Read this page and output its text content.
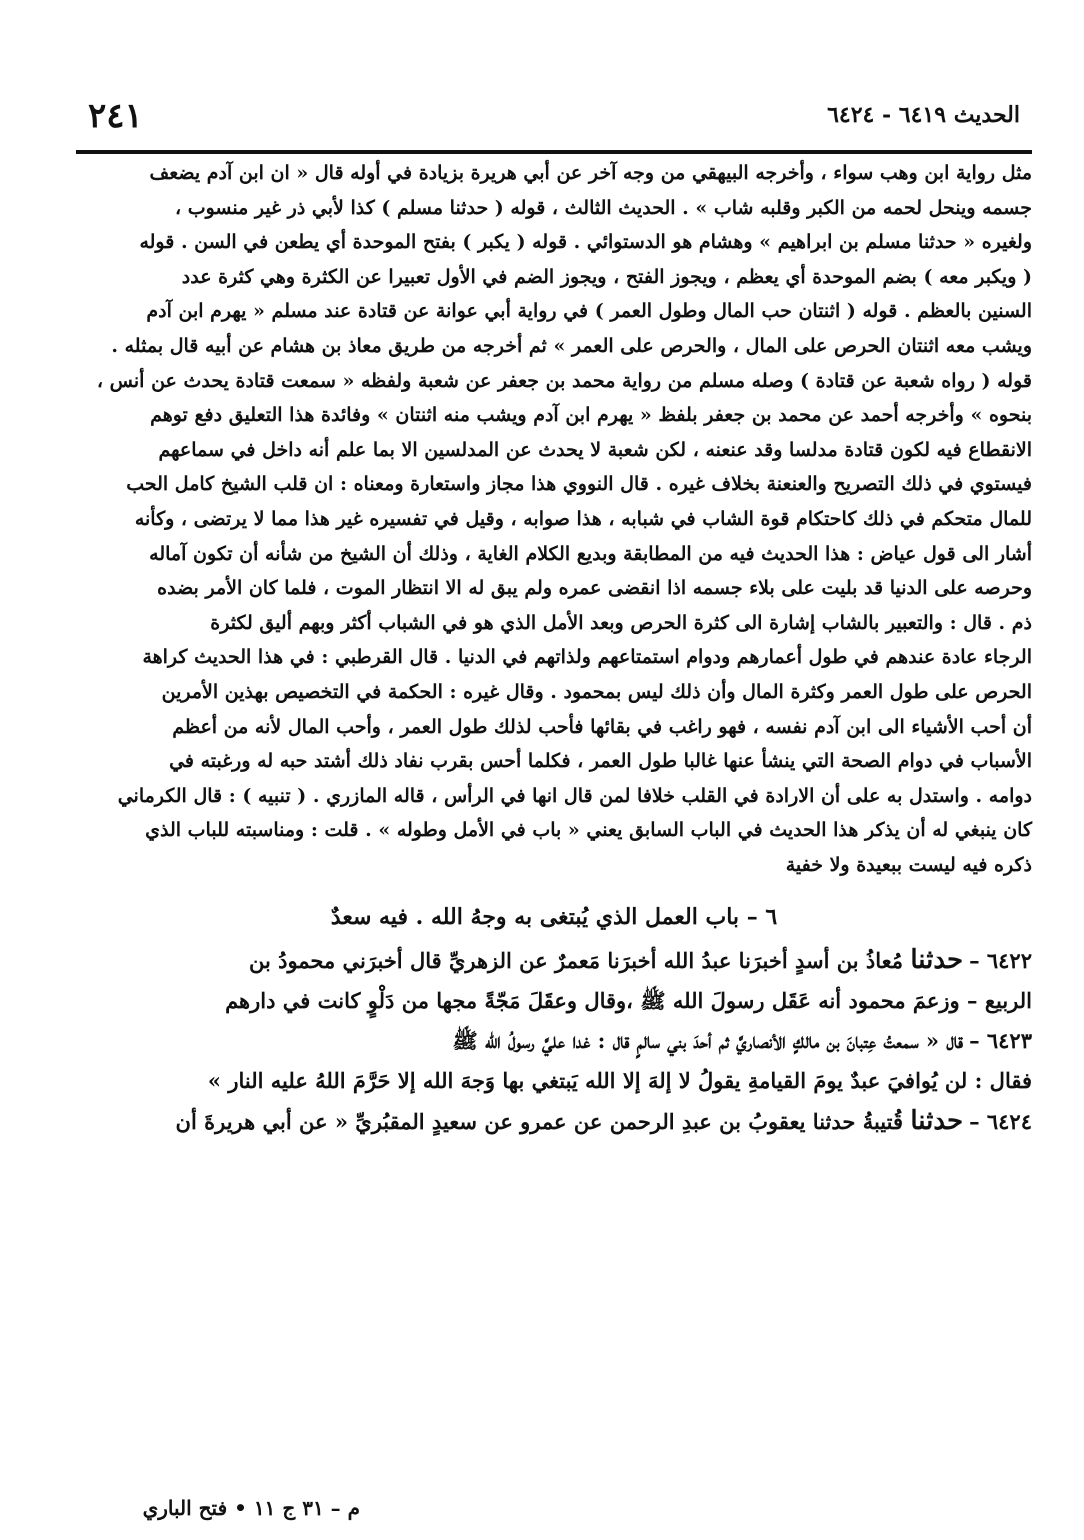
الحديث ٦٤١٩ - ٦٤٢٤
٢٤١

مثل رواية ابن وهب سواء ، وأخرجه البيهقي من وجه آخر عن أبي هريرة بزيادة في أوله قال « ان ابن آدم يضعف

جسمه وينحل لحمه من الكبر وقلبه شاب » . الحديث الثالث ، قوله ( حدثنا مسلم ) كذا لأبي ذر غير منسوب ،

ولغيره « حدثنا مسلم بن ابراهيم » وهشام هو الدستوائي . قوله ( يكبر ) بفتح الموحدة أي يطعن في السن . قوله

( ويكبر معه ) بضم الموحدة أي يعظم ، ويجوز الفتح ، ويجوز الضم في الأول تعبيرا عن الكثرة وهي كثرة عدد

السنين بالعظم . قوله ( اثنتان حب المال وطول العمر ) في رواية أبي عوانة عن قتادة عند مسلم « يهرم ابن آدم

ويشب معه اثنتان الحرص على المال ، والحرص على العمر » ثم أخرجه من طريق معاذ بن هشام عن أبيه قال بمثله .

قوله ( رواه شعبة عن قتادة ) وصله مسلم من رواية محمد بن جعفر عن شعبة ولفظه « سمعت قتادة يحدث عن أنس ،

بنحوه » وأخرجه أحمد عن محمد بن جعفر بلفظ « يهرم ابن آدم ويشب منه اثنتان » وفائدة هذا التعليق دفع توهم

الانقطاع فيه لكون قتادة مدلسا وقد عنعنه ، لكن شعبة لا يحدث عن المدلسين الا بما علم أنه داخل في سماعهم

فيستوي في ذلك التصريح والعنعنة بخلاف غيره . قال النووي هذا مجاز واستعارة ومعناه : ان قلب الشيخ كامل الحب

للمال متحكم في ذلك كاحتكام قوة الشاب في شبابه ، هذا صوابه ، وقيل في تفسيره غير هذا مما لا يرتضى ، وكأنه

أشار الى قول عياض : هذا الحديث فيه من المطابقة وبديع الكلام الغاية ، وذلك أن الشيخ من شأنه أن تكون آماله

وحرصه على الدنيا قد بليت على بلاء جسمه اذا انقضى عمره ولم يبق له الا انتظار الموت ، فلما كان الأمر بضده

ذم . قال : والتعبير بالشاب إشارة الى كثرة الحرص وبعد الأمل الذي هو في الشباب أكثر وبهم أليق لكثرة

الرجاء عادة عندهم في طول أعمارهم ودوام استمتاعهم ولذاتهم في الدنيا . قال القرطبي : في هذا الحديث كراهة

الحرص على طول العمر وكثرة المال وأن ذلك ليس بمحمود . وقال غيره : الحكمة في التخصيص بهذين الأمرين

أن أحب الأشياء الى ابن آدم نفسه ، فهو راغب في بقائها فأحب لذلك طول العمر ، وأحب المال لأنه من أعظم

الأسباب في دوام الصحة التي ينشأ عنها غالبا طول العمر ، فكلما أحس بقرب نفاد ذلك أشتد حبه له ورغبته في

دوامه . واستدل به على أن الارادة في القلب خلافا لمن قال انها في الرأس ، قاله المازري . ( تنبيه ) : قال الكرماني

كان ينبغي له أن يذكر هذا الحديث في الباب السابق يعني « باب في الأمل وطوله » . قلت : ومناسبته للباب الذي

ذكره فيه ليست ببعيدة ولا خفية

٦ – باب العمل الذي يُبتغى به وجهُ الله . فيه سعدٌ

٦٤٢٢ –حدثنا مُعاذُ بن أسدٍ أخبرَنا عبدُ الله أخبرَنا مَعمرٌ عن الزهريِّ قال أخبرَني محمودُ بن

الربيع – وزعمَ محمود أنه عَقَل رسولَ الله ﷺ ،وقال وعقَلَ مَجّةً مجها من دَلْوٍ كانت في دارهم

٦٤٢٣ –قال « سمعتُ عِتبانَ بن مالكٍ الأنصاريَّ ثم أحدَ بني سالمٍ قال : غدا عليَّ رسولُ الله ﷺ

فقال : لن يُوافيَ عبدٌ يومَ القيامةِ يقولُ لا إلهَ إلا الله يَبتغي بها وَجهَ الله إلا حَرَّمَ اللهُ عليه النار »

٦٤٢٤ –حدثنا قُتيبةُ حدثنا يعقوبُ بن عبدِ الرحمن عن عمرو عن سعيدٍ المقبُريِّ « عن أبي هريرةَ أن

م – ٣١ ج ١١ • فتح الباري
